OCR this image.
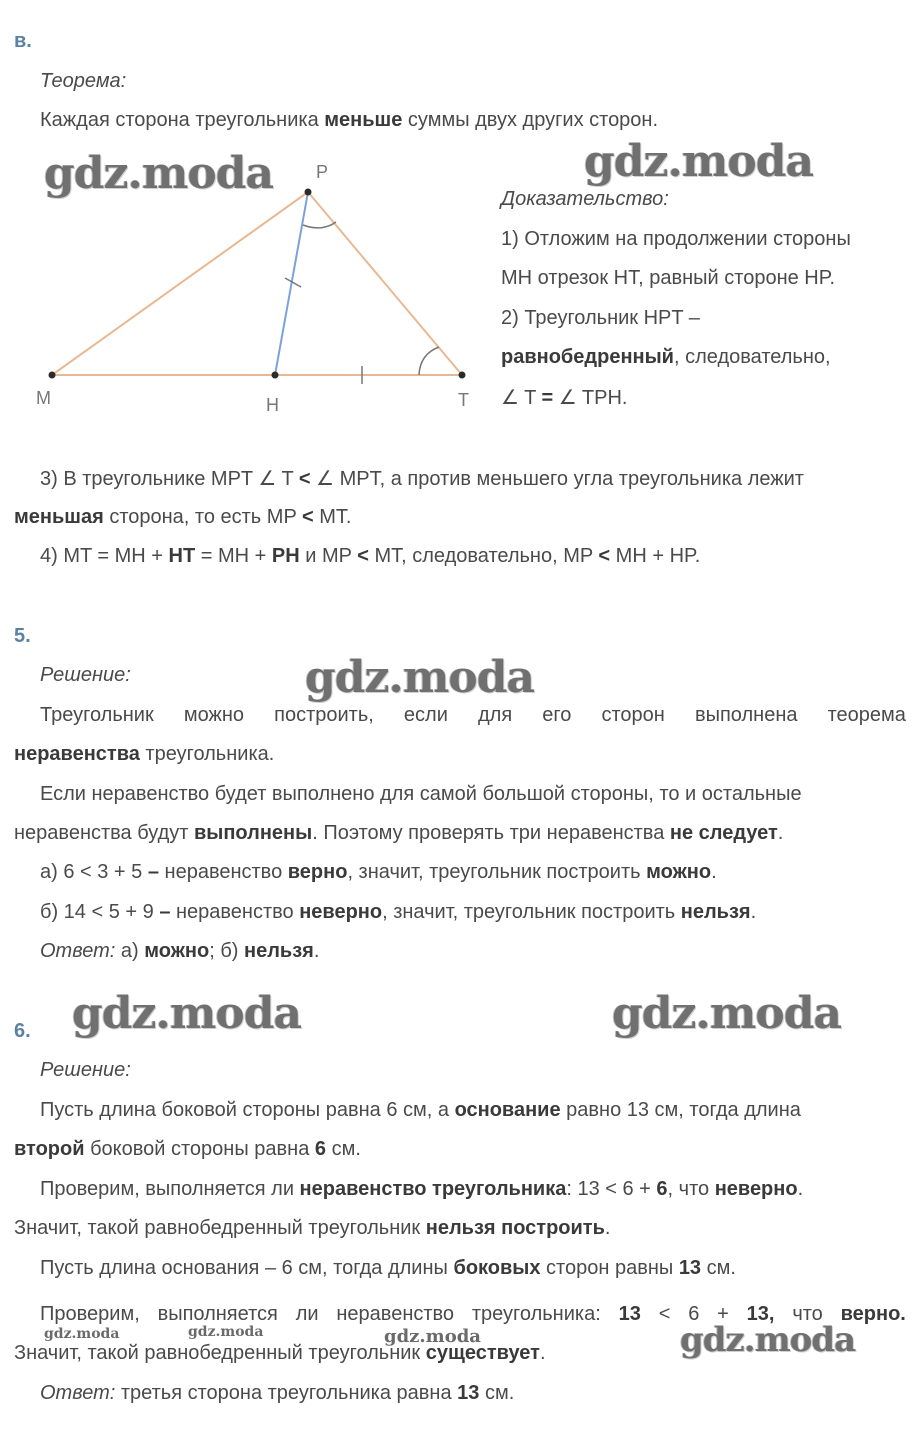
в.
Теорема:
Каждая сторона треугольника меньше суммы двух других сторон.
P
M	H	T
Доказательство:
1) Отложим на продолжении стороны
MH отрезок HT, равный стороне HP.
2) Треугольник HPT –
равнобедренный, следовательно,
∠ T = ∠ TPH.
3) В треугольнике MPT ∠ T < ∠ MPT, а против меньшего угла треугольника лежит
меньшая сторона, то есть MP < MT.
4) MT = MH + HT = MH + PH и MP < MT, следовательно, MP < MH + HP.
5.
Решение:
Треугольник можно построить, если для его сторон выполнена теорема
неравенства треугольника.
Если неравенство будет выполнено для самой большой стороны, то и остальные
неравенства будут выполнены. Поэтому проверять три неравенства не следует.
а) 6 < 3 + 5 – неравенство верно, значит, треугольник построить можно.
б) 14 < 5 + 9 – неравенство неверно, значит, треугольник построить нельзя.
Ответ: а) можно; б) нельзя.
6.
Решение:
Пусть длина боковой стороны равна 6 см, а основание равно 13 см, тогда длина
второй боковой стороны равна 6 см.
Проверим, выполняется ли неравенство треугольника: 13 < 6 + 6, что неверно.
Значит, такой равнобедренный треугольник нельзя построить.
Пусть длина основания – 6 см, тогда длины боковых сторон равны 13 см.
Проверим, выполняется ли неравенство треугольника: 13 < 6 + 13, что верно.
Значит, такой равнобедренный треугольник существует.
Ответ: третья сторона треугольника равна 13 см.
gdz.moda	gdz.moda
gdz.moda
gdz.moda	gdz.moda
gdz.moda
gdz.moda	gdz.moda	gdz.moda
